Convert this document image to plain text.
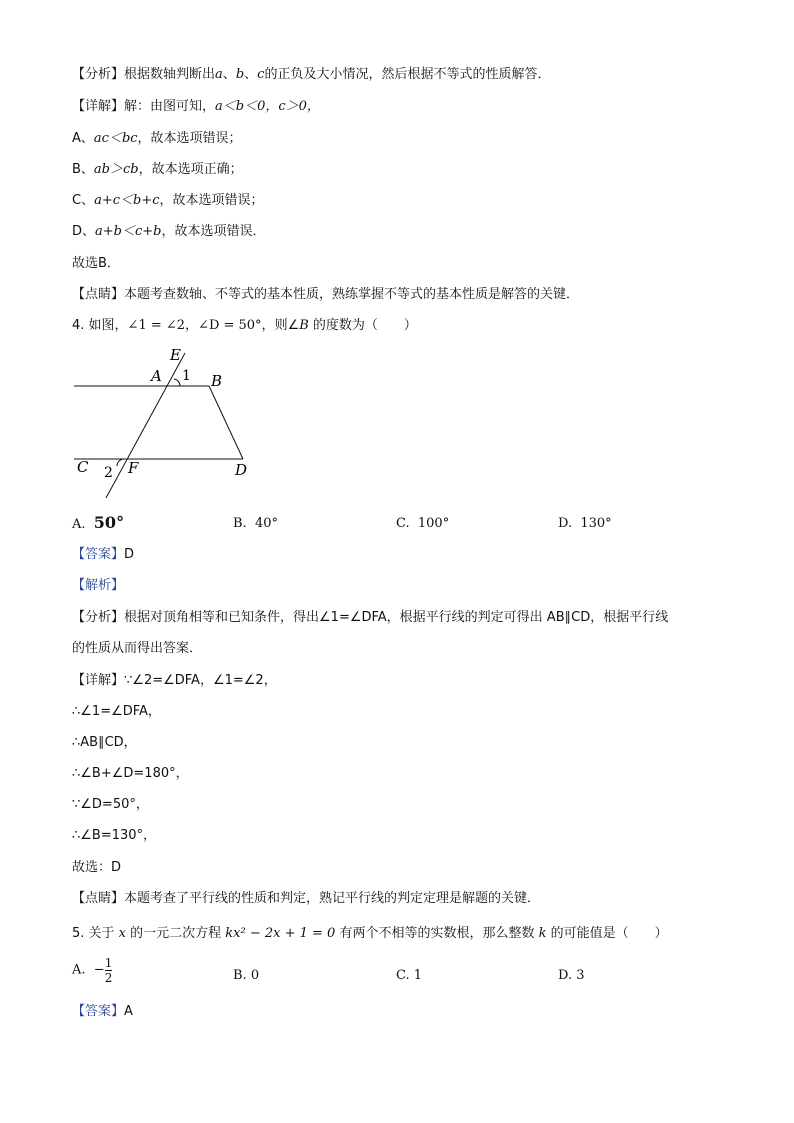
【分析】根据数轴判断出a、b、c的正负及大小情况，然后根据不等式的性质解答．
【详解】解：由图可知，a＜b＜0，c＞0，
A、ac＜bc，故本选项错误；
B、ab＞cb，故本选项正确；
C、a+c＜b+c，故本选项错误；
D、a+b＜c+b，故本选项错误．
故选B．
【点睛】本题考查数轴、不等式的基本性质，熟练掌握不等式的基本性质是解答的关键．
4. 如图，∠1 = ∠2，∠D = 50°，则∠B 的度数为（　　）
E
A 1 B
C 2 F	D
A. 50°	B. 40°	C. 100°	D. 130°
【答案】D
【解析】
【分析】根据对顶角相等和已知条件，得出∠1=∠DFA，根据平行线的判定可得出 AB∥CD，根据平行线
的性质从而得出答案．
【详解】∵∠2=∠DFA，∠1=∠2，
∴∠1=∠DFA，
∴AB∥CD，
∴∠B+∠D=180°，
∵∠D=50°，
∴∠B=130°，
故选：D
【点睛】本题考查了平行线的性质和判定，熟记平行线的判定定理是解题的关键．
5. 关于 x 的一元二次方程 kx² − 2x + 1 = 0 有两个不相等的实数根，那么整数 k 的可能值是（　　）
A. − $\frac{1}{2}$	B. 0	C. 1	D. 3
【答案】A
